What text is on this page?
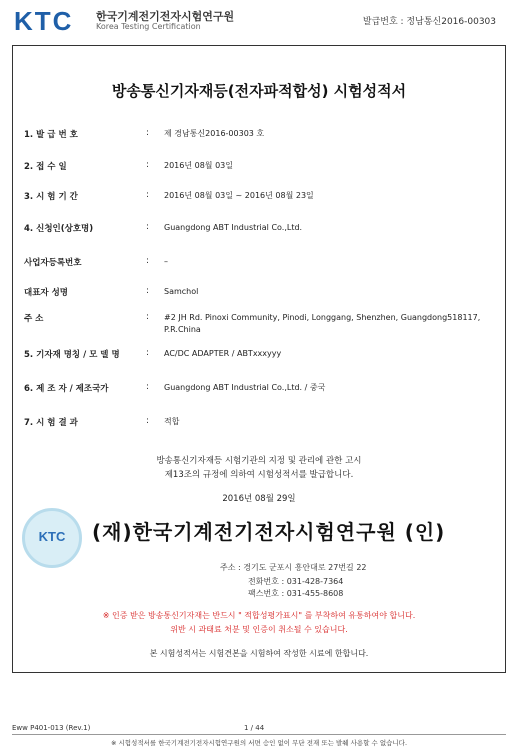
KTC 한국기계전기전자시험연구원
Korea Testing Certification	발급번호 : 정남통신2016-00303
방송통신기자재등(전자파적합성) 시험성적서
1. 발 급 번 호	: 제 경남통신2016-00303 호
2. 접 수 일	: 2016년 08월 03일
3. 시 험 기 간	: 2016년 08월 03일 ~ 2016년 08월 23일
4. 신청인(상호명)	: Guangdong ABT Industrial Co.,Ltd.
사업자등록번호	: –
대표자 성명	: Samchol
주 소	: #2 JH Rd. Pinoxi Community, Pinodi, Longgang, Shenzhen, Guangdong518117, P.R.China
5. 기자재 명칭 / 모 델 명	: AC/DC ADAPTER / ABTxxxyyy
6. 제 조 자 / 제조국가	: Guangdong ABT Industrial Co.,Ltd. / 중국
7. 시 험 결 과	: 적합
방송통신기자재등 시험기관의 지정 및 관리에 관한 고시
제13조의 규정에 의하여 시험성적서를 발급합니다.
2016년 08월 29일
KTC	(재)한국기계전기전자시험연구원 (인)
주소 : 경기도 군포시 흥안대로 27번길 22
전화번호 : 031-428-7364
팩스번호 : 031-455-8608
※ 인증 받은 방송통신기자재는 반드시 " 적합성평가표시" 를 부착하여 유통하여야 합니다.
위반 시 과태료 처분 및 인증이 취소될 수 있습니다.
본 시험성적서는 시험견본을 시험하여 작성한 시료에 한합니다.
Eww P401-013 (Rev.1)	1 / 44
※ 시험성적서를 한국기계전기전자시험연구원의 서면 승인 없이 무단 전재 또는 발췌 사용할 수 없습니다.
